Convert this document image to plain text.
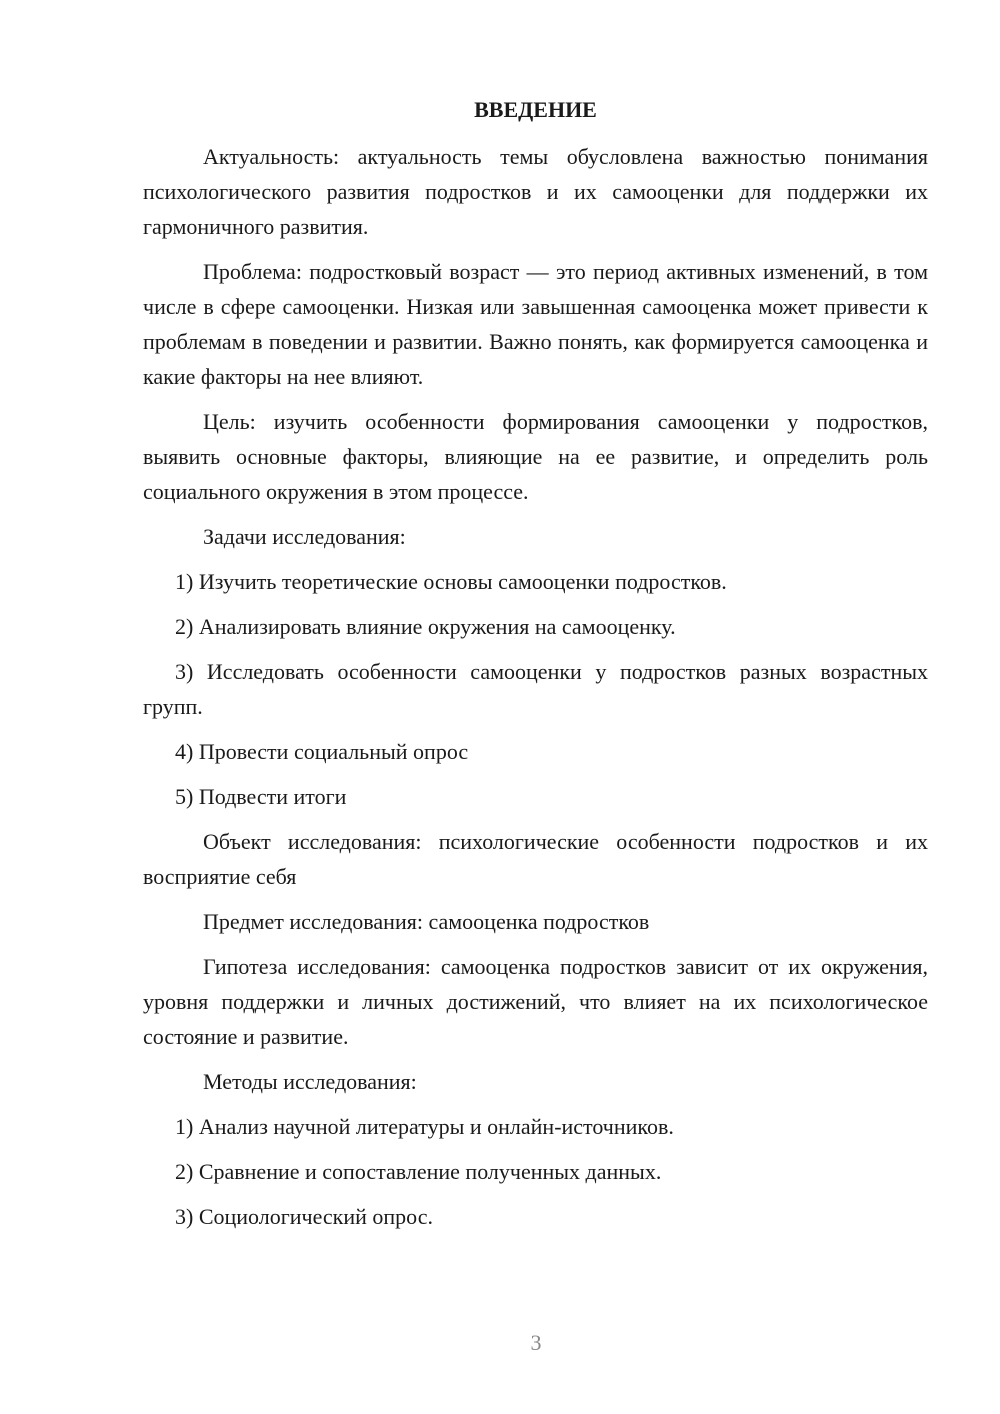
ВВЕДЕНИЕ

Актуальность: актуальность темы обусловлена важностью понимания психологического развития подростков и их самооценки для поддержки их гармоничного развития.

Проблема: подростковый возраст — это период активных изменений, в том числе в сфере самооценки. Низкая или завышенная самооценка может привести к проблемам в поведении и развитии. Важно понять, как формируется самооценка и какие факторы на нее влияют.

Цель: изучить особенности формирования самооценки у подростков, выявить основные факторы, влияющие на ее развитие, и определить роль социального окружения в этом процессе.

Задачи исследования:

1) Изучить теоретические основы самооценки подростков.

2) Анализировать влияние окружения на самооценку.

3) Исследовать особенности самооценки у подростков разных возрастных групп.

4) Провести социальный опрос

5) Подвести итоги

Объект исследования: психологические особенности подростков и их восприятие себя

Предмет исследования: самооценка подростков

Гипотеза исследования: самооценка подростков зависит от их окружения, уровня поддержки и личных достижений, что влияет на их психологическое состояние и развитие.

Методы исследования:

1) Анализ научной литературы и онлайн-источников.

2) Сравнение и сопоставление полученных данных.

3) Социологический опрос.

3
